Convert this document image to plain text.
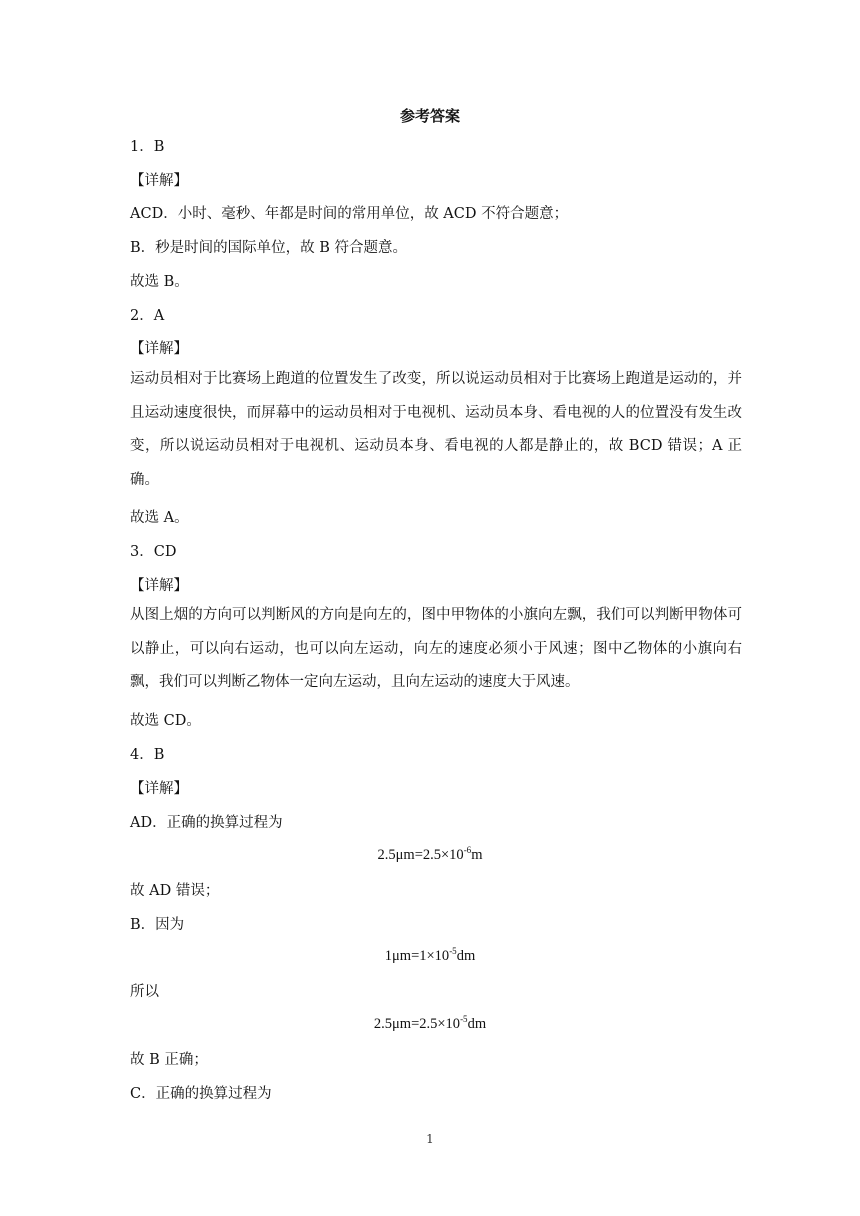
参考答案
1．B
【详解】
ACD．小时、毫秒、年都是时间的常用单位，故 ACD 不符合题意；
B．秒是时间的国际单位，故 B 符合题意。
故选 B。
2．A
【详解】
运动员相对于比赛场上跑道的位置发生了改变，所以说运动员相对于比赛场上跑道是运动的，并且运动速度很快，而屏幕中的运动员相对于电视机、运动员本身、看电视的人的位置没有发生改变，所以说运动员相对于电视机、运动员本身、看电视的人都是静止的，故 BCD 错误；A 正确。
故选 A。
3．CD
【详解】
从图上烟的方向可以判断风的方向是向左的，图中甲物体的小旗向左飘，我们可以判断甲物体可以静止，可以向右运动，也可以向左运动，向左的速度必须小于风速；图中乙物体的小旗向右飘，我们可以判断乙物体一定向左运动，且向左运动的速度大于风速。
故选 CD。
4．B
【详解】
AD．正确的换算过程为
$2.5\mu m=2.5\times 10^{-6}m$
故 AD 错误；
B．因为
$1\mu m=1\times 10^{-5}dm$
所以
$2.5\mu m=2.5\times 10^{-5}dm$
故 B 正确；
C．正确的换算过程为
1
